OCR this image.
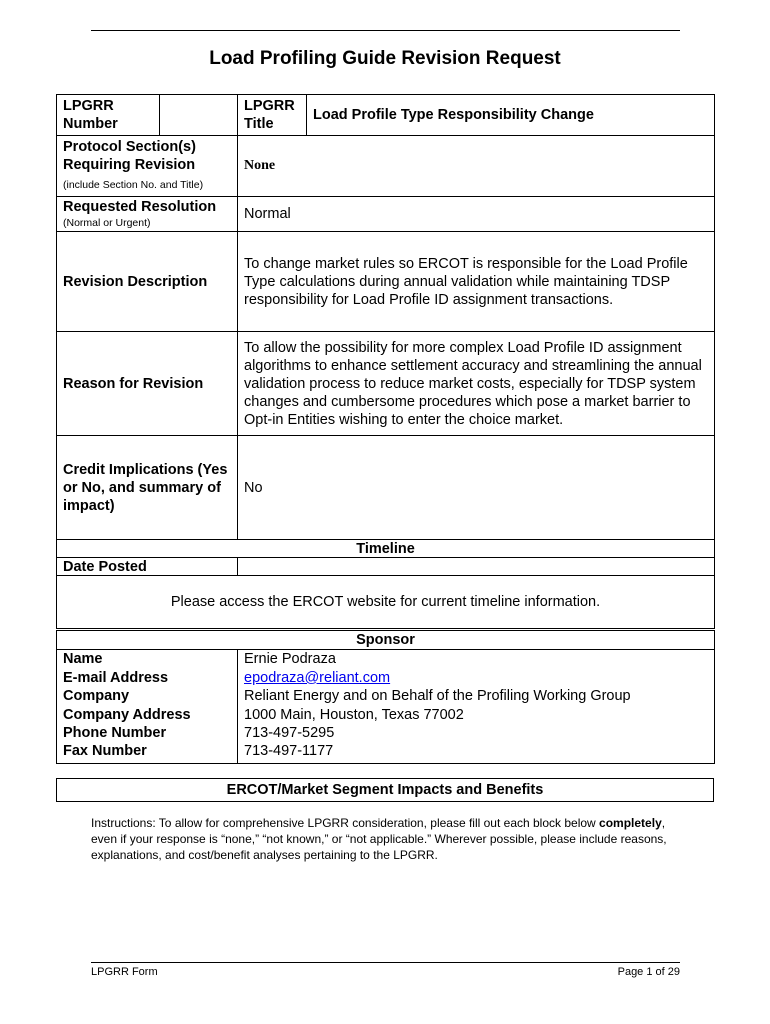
Load Profiling Guide Revision Request
LPGRR Number		LPGRR Title	Load Profile Type Responsibility Change
Protocol Section(s) Requiring Revision
(include Section No. and Title)		None	
Requested Resolution
(Normal or Urgent)		Normal	
Revision Description		To change market rules so ERCOT is responsible for the Load Profile Type calculations during annual validation while maintaining TDSP responsibility for Load Profile ID assignment transactions.	
Reason for Revision		To allow the possibility for more complex Load Profile ID assignment algorithms to enhance settlement accuracy and streamlining the annual validation process to reduce market costs, especially for TDSP system changes and cumbersome procedures which pose a market barrier to Opt-in Entities wishing to enter the choice market.	
Credit Implications (Yes or No, and summary of impact)		No	
Timeline			
Date Posted			
Please access the ERCOT website for current timeline information.			
Sponsor	
Name	Ernie Podraza
E-mail Address	epodraza@reliant.com
Company	Reliant Energy and on Behalf of the Profiling Working Group
Company Address	1000 Main, Houston, Texas 77002
Phone Number	713-497-5295
Fax Number	713-497-1177
ERCOT/Market Segment Impacts and Benefits
Instructions: To allow for comprehensive LPGRR consideration, please fill out each block below completely, even if your response is “none,” “not known,” or “not applicable.” Wherever possible, please include reasons, explanations, and cost/benefit analyses pertaining to the LPGRR.
LPGRR Form	Page 1 of 29
